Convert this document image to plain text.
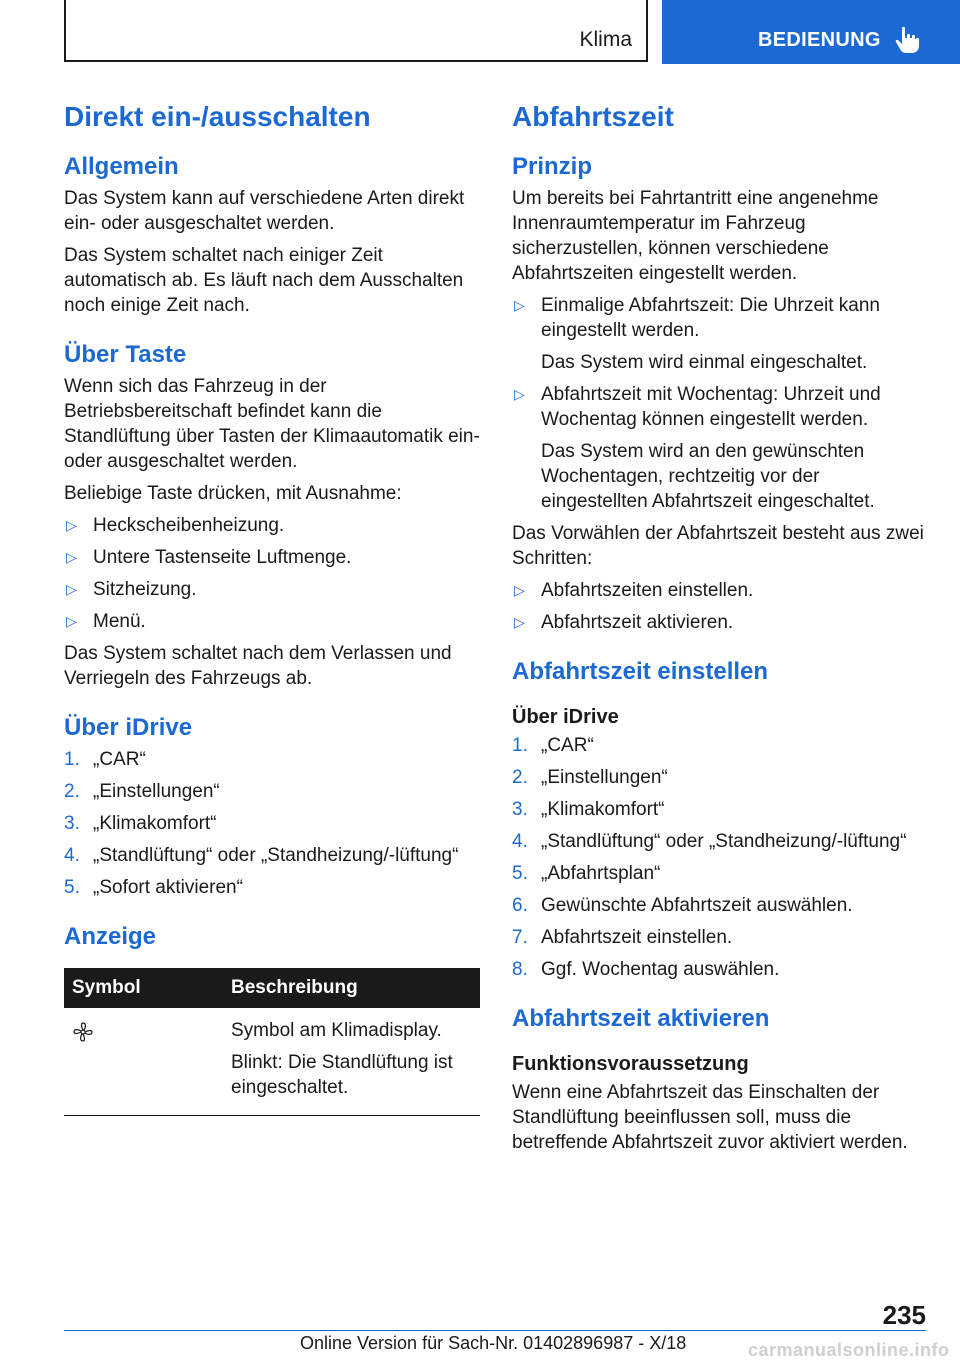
Klima	BEDIENUNG
Direkt ein-/ausschalten
Allgemein

Das System kann auf verschiedene Arten direkt ein- oder ausgeschaltet werden.

Das System schaltet nach einiger Zeit automatisch ab. Es läuft nach dem Ausschalten noch einige Zeit nach.

Über Taste

Wenn sich das Fahrzeug in der Betriebsbereitschaft befindet kann die Standlüftung über Tasten der Klimaautomatik ein- oder ausgeschaltet werden.

Beliebige Taste drücken, mit Ausnahme:

▷ Heckscheibenheizung.
▷ Untere Tastenseite Luftmenge.
▷ Sitzheizung.
▷ Menü.

Das System schaltet nach dem Verlassen und Verriegeln des Fahrzeugs ab.

Über iDrive
1. „CAR“
2. „Einstellungen“
3. „Klimakomfort“
4. „Standlüftung“ oder „Standheizung/-lüftung“
5. „Sofort aktivieren“
Anzeige
Symbol	Beschreibung

Symbol am Klimadisplay.

Blinkt: Die Standlüftung ist eingeschaltet.

Abfahrtszeit
Prinzip

Um bereits bei Fahrtantritt eine angenehme Innenraumtemperatur im Fahrzeug sicherzustellen, können verschiedene Abfahrtszeiten eingestellt werden.

▷ Einmalige Abfahrtszeit: Die Uhrzeit kann eingestellt werden.
Das System wird einmal eingeschaltet.
▷ Abfahrtszeit mit Wochentag: Uhrzeit und Wochentag können eingestellt werden.
Das System wird an den gewünschten Wochentagen, rechtzeitig vor der eingestellten Abfahrtszeit eingeschaltet.

Das Vorwählen der Abfahrtszeit besteht aus zwei Schritten:

▷ Abfahrtszeiten einstellen.
▷ Abfahrtszeit aktivieren.
Abfahrtszeit einstellen
Über iDrive
1. „CAR“
2. „Einstellungen“
3. „Klimakomfort“
4. „Standlüftung“ oder „Standheizung/-lüftung“
5. „Abfahrtsplan“
6. Gewünschte Abfahrtszeit auswählen.
7. Abfahrtszeit einstellen.
8. Ggf. Wochentag auswählen.
Abfahrtszeit aktivieren
Funktionsvoraussetzung

Wenn eine Abfahrtszeit das Einschalten der Standlüftung beeinflussen soll, muss die betreffende Abfahrtszeit zuvor aktiviert werden.

235
Online Version für Sach-Nr. 01402896987 - X/18	carmanualsonline.info
